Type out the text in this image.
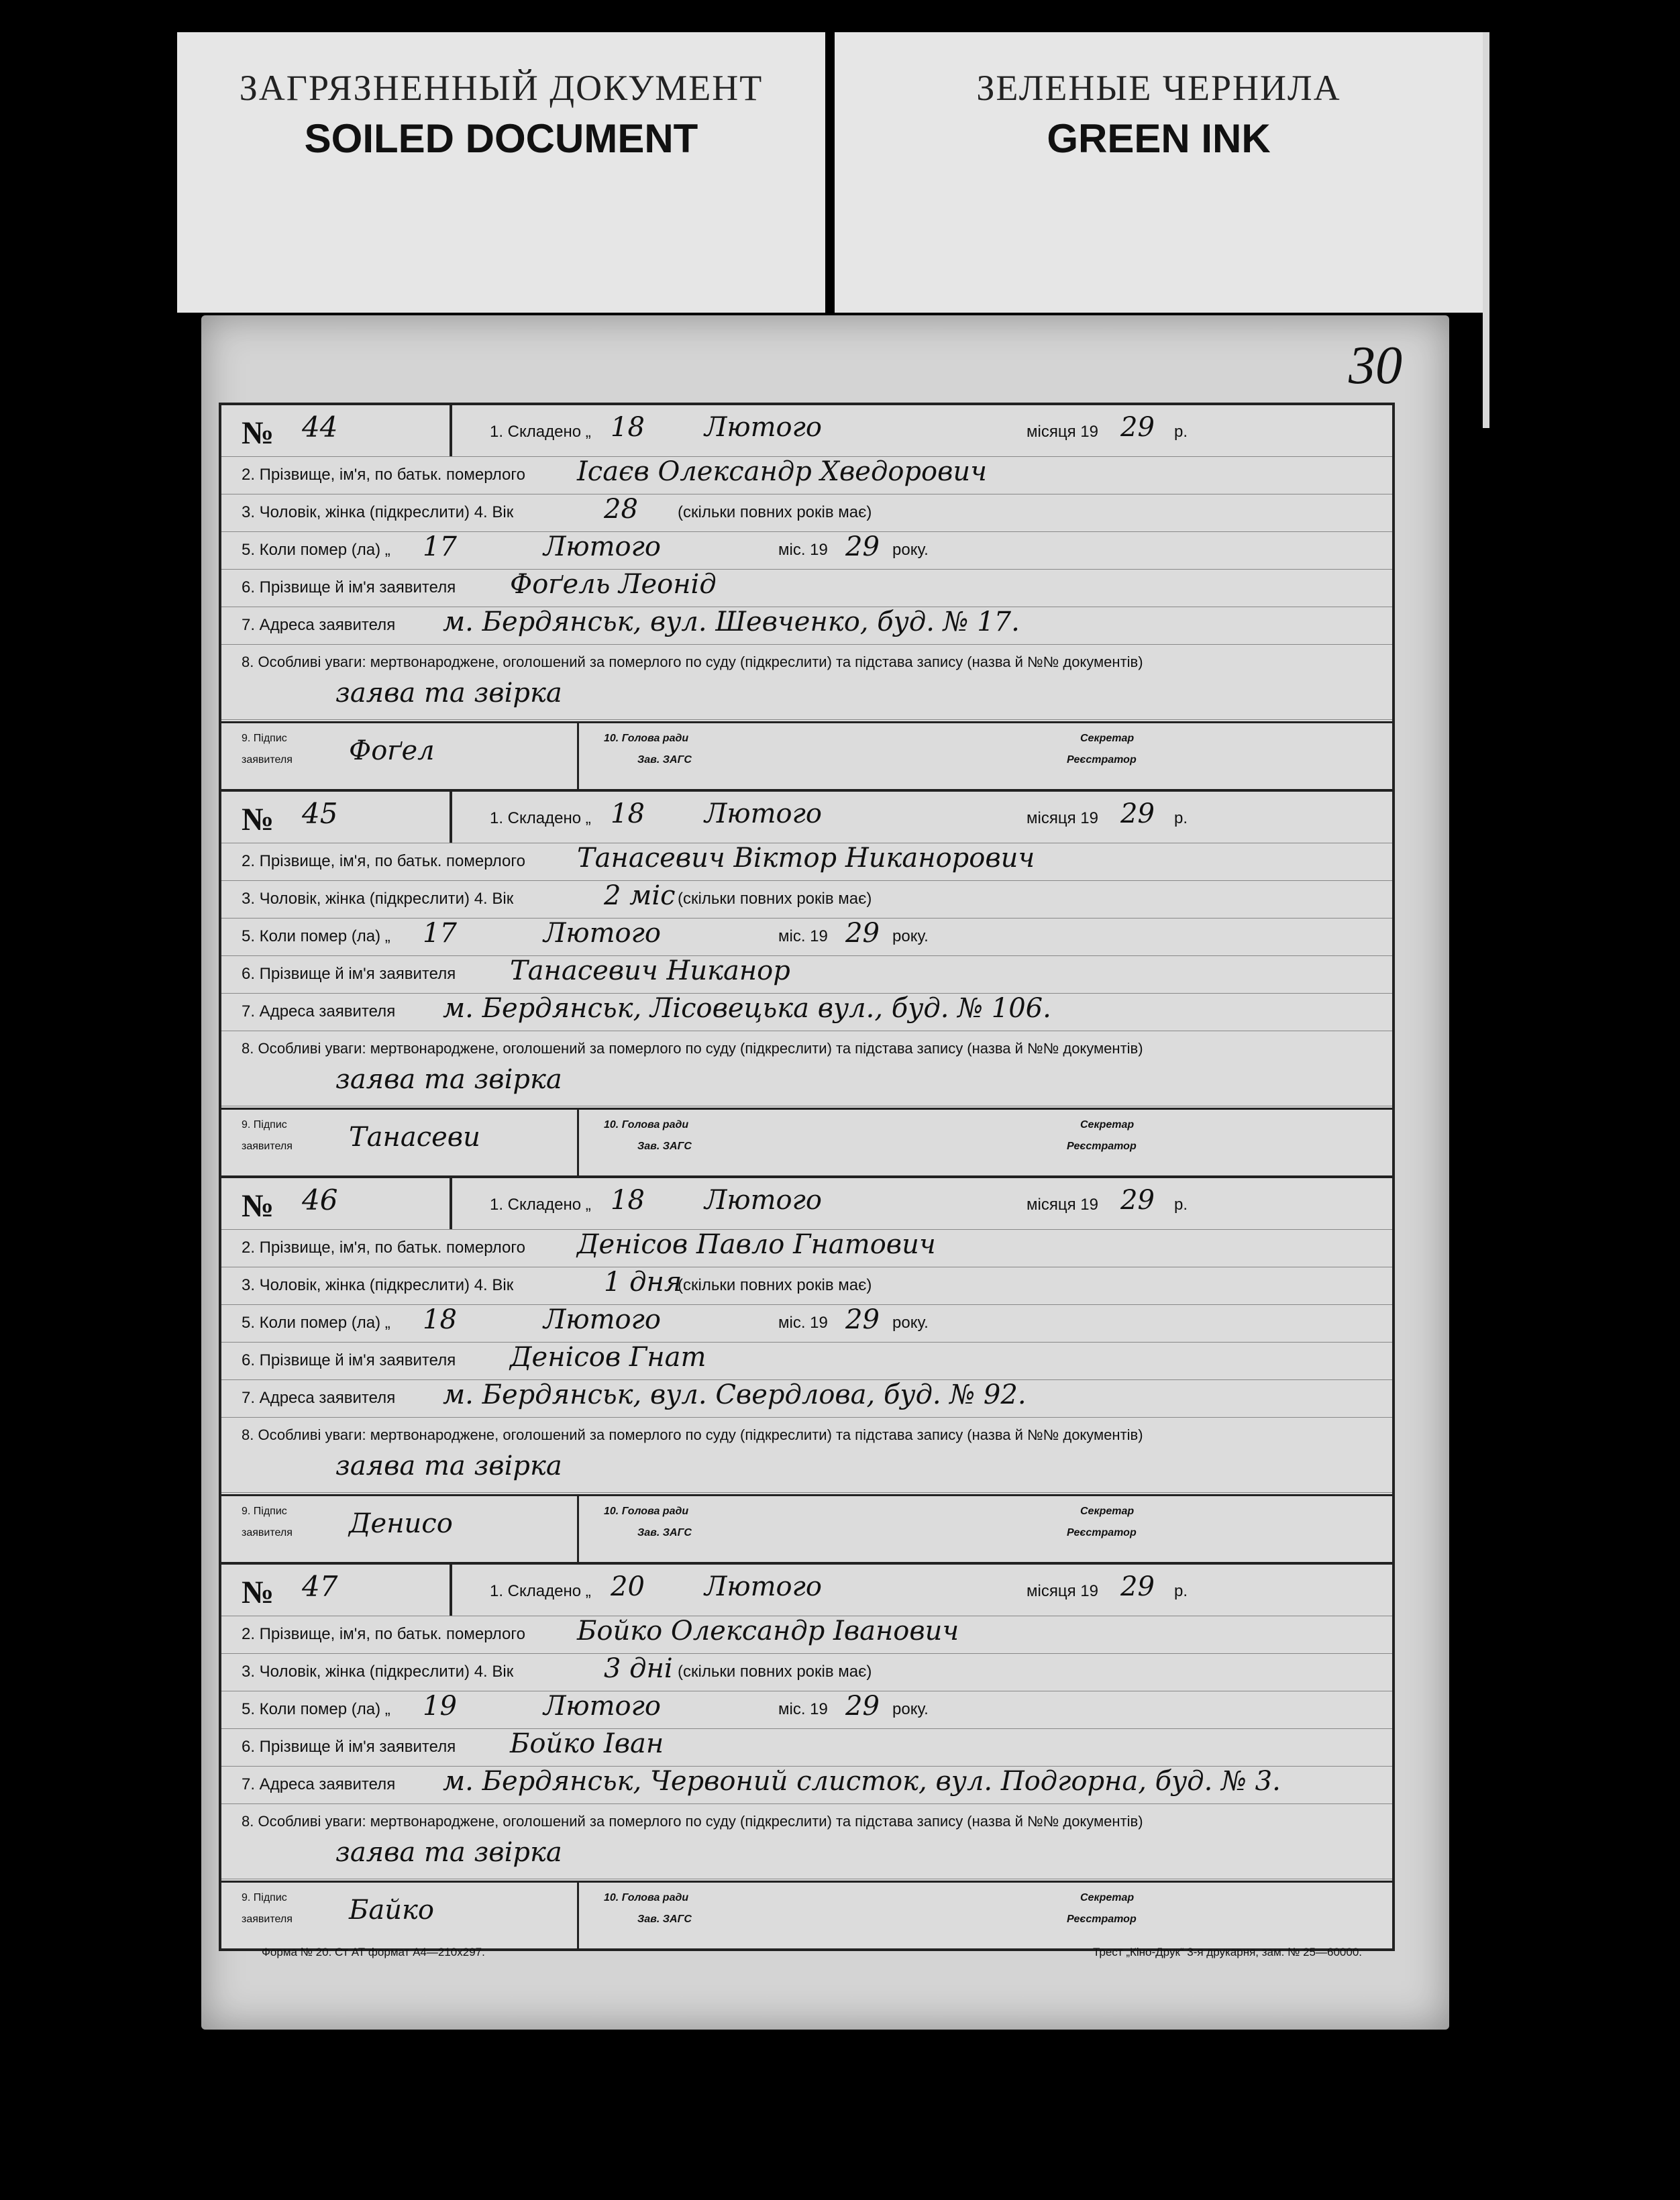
ЗАГРЯЗНЕННЫЙ ДОКУМЕНТ
SOILED DOCUMENT
ЗЕЛЕНЫЕ ЧЕРНИЛА
GREEN INK
30
№ 44	1. Складено „ 18 Лютого	місяця 19 29 р.
2. Прізвище, ім'я, по батьк. померлого Ісаєв Олександр Хведорович
3. Чоловік, жінка (підкреслити) 4. Вік	28 (скільки повних років має)
5. Коли помер (ла) „ 17	Лютого	міс. 19 29 року.
6. Прізвище й ім'я заявителя Фоґель Леонід
7. Адреса заявителя м. Бердянськ, вул. Шевченко, буд. № 17.
8. Особливі уваги: мертвонароджене, оголошений за померлого по суду (підкреслити) та підстава запису (назва й №№ документів)
заява та звірка
9. Підпис
заявителя Фоґел	10. Голова ради
Зав. ЗАГС
Секретар
Реєстратор
№ 45	1. Складено „ 18 Лютого	місяця 19 29 р.
2. Прізвище, ім'я, по батьк. померлого Танасевич Віктор Никанорович
3. Чоловік, жінка (підкреслити) 4. Вік	2 міс (скільки повних років має)
5. Коли помер (ла) „ 17	Лютого	міс. 19 29 року.
6. Прізвище й ім'я заявителя Танасевич Никанор
7. Адреса заявителя м. Бердянськ, Лісовецька вул., буд. № 106.
8. Особливі уваги: мертвонароджене, оголошений за померлого по суду (підкреслити) та підстава запису (назва й №№ документів)
заява та звірка
9. Підпис
заявителя Танасеви	10. Голова ради
Зав. ЗАГС
Секретар
Реєстратор
№ 46	1. Складено „ 18 Лютого	місяця 19 29 р.
2. Прізвище, ім'я, по батьк. померлого Денісов Павло Гнатович
3. Чоловік, жінка (підкреслити) 4. Вік	1 дня
(скільки повних років має)
5. Коли помер (ла) „ 18	Лютого	міс. 19 29 року.
6. Прізвище й ім'я заявителя Денісов Гнат
7. Адреса заявителя м. Бердянськ, вул. Свердлова, буд. № 92.
8. Особливі уваги: мертвонароджене, оголошений за померлого по суду (підкреслити) та підстава запису (назва й №№ документів)
заява та звірка
9. Підпис
заявителя Денисо	10. Голова ради
Зав. ЗАГС
Секретар
Реєстратор
№ 47	1. Складено „ 20 Лютого	місяця 19 29 р.
2. Прізвище, ім'я, по батьк. померлого Бойко Олександр Іванович
3. Чоловік, жінка (підкреслити) 4. Вік	3 дні (скільки повних років має)
5. Коли помер (ла) „ 19	Лютого	міс. 19 29 року.
6. Прізвище й ім'я заявителя Бойко Іван
7. Адреса заявителя м. Бердянськ, Червоний слисток, вул. Подгорна, буд. № 3.
8. Особливі уваги: мертвонароджене, оголошений за померлого по суду (підкреслити) та підстава запису (назва й №№ документів)
заява та звірка
9. Підпис
заявителя Байко	10. Голова ради
Зав. ЗАГС
Секретар
Реєстратор
Форма № 20. Ст АТ формат А4—210х297.	Трест „Кіно-Друк“ 3-я друкарня, зам. № 25—60000.
